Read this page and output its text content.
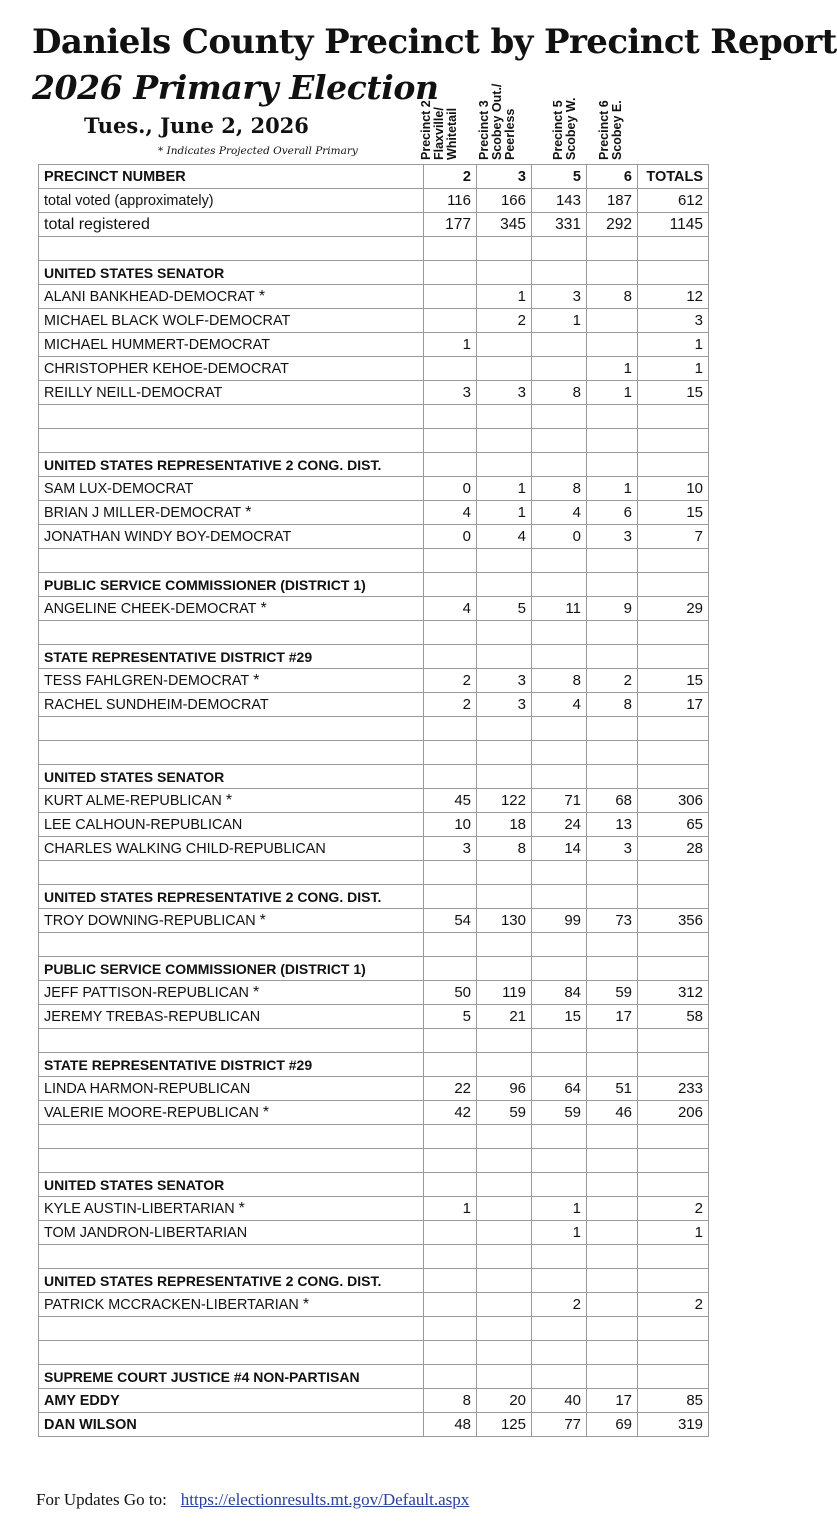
Daniels County Precinct by Precinct Report
2026 Primary Election
Tues., June 2, 2026
* Indicates Projected Overall Primary	Precinct 2 Flaxville/ Whitetail Precinct 3 Scobey Out./ Peerless	Precinct 5 Scobey W. Precinct 6 Scobey E.
PRECINCT NUMBER	2	3	5	6	TOTALS
total voted (approximately)	116	166	143	187	612
total registered	177	345	331	292	1145

UNITED STATES SENATOR					
ALANI BANKHEAD-DEMOCRAT *		1	3	8	12
MICHAEL BLACK WOLF-DEMOCRAT		2	1		3
MICHAEL HUMMERT-DEMOCRAT	1				1
CHRISTOPHER KEHOE-DEMOCRAT				1	1
REILLY NEILL-DEMOCRAT	3	3	8	1	15

UNITED STATES REPRESENTATIVE 2 CONG. DIST.					
SAM LUX-DEMOCRAT	0	1	8	1	10
BRIAN J MILLER-DEMOCRAT *	4	1	4	6	15
JONATHAN WINDY BOY-DEMOCRAT	0	4	0	3	7

PUBLIC SERVICE COMMISSIONER (DISTRICT 1)					
ANGELINE CHEEK-DEMOCRAT *	4	5	11	9	29

STATE REPRESENTATIVE DISTRICT #29					
TESS FAHLGREN-DEMOCRAT *	2	3	8	2	15
RACHEL SUNDHEIM-DEMOCRAT	2	3	4	8	17

UNITED STATES SENATOR					
KURT ALME-REPUBLICAN *	45	122	71	68	306
LEE CALHOUN-REPUBLICAN	10	18	24	13	65
CHARLES WALKING CHILD-REPUBLICAN	3	8	14	3	28

UNITED STATES REPRESENTATIVE 2 CONG. DIST.					
TROY DOWNING-REPUBLICAN *	54	130	99	73	356

PUBLIC SERVICE COMMISSIONER (DISTRICT 1)					
JEFF PATTISON-REPUBLICAN *	50	119	84	59	312
JEREMY TREBAS-REPUBLICAN	5	21	15	17	58

STATE REPRESENTATIVE DISTRICT #29					
LINDA HARMON-REPUBLICAN	22	96	64	51	233
VALERIE MOORE-REPUBLICAN *	42	59	59	46	206

UNITED STATES SENATOR					
KYLE AUSTIN-LIBERTARIAN *	1		1		2
TOM JANDRON-LIBERTARIAN			1		1

UNITED STATES REPRESENTATIVE 2 CONG. DIST.					
PATRICK MCCRACKEN-LIBERTARIAN *			2		2

SUPREME COURT JUSTICE #4 NON-PARTISAN					
AMY EDDY	8	20	40	17	85
DAN WILSON	48	125	77	69	319
For Updates Go to: https://electionresults.mt.gov/Default.aspx
